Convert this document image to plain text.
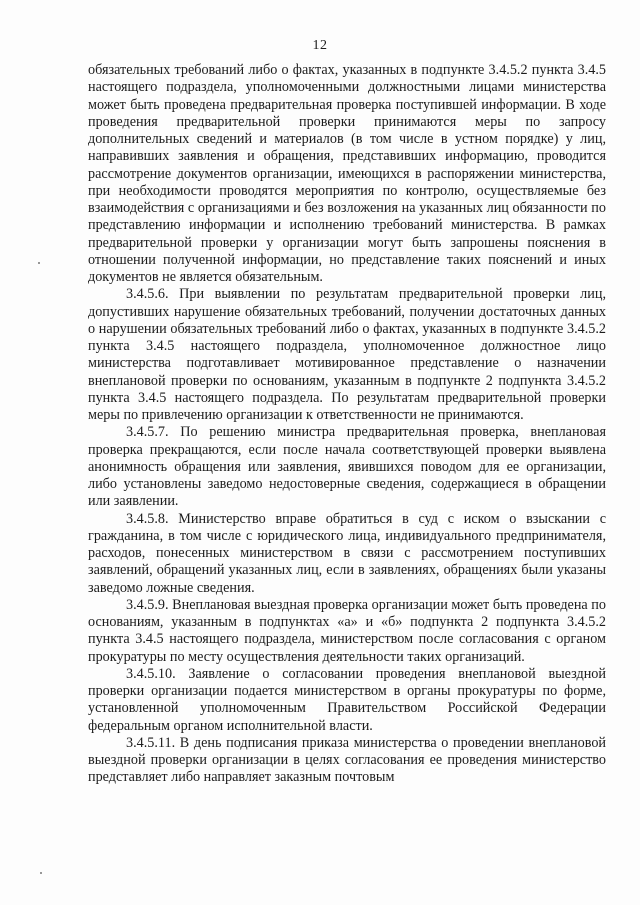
12

обязательных требований либо о фактах, указанных в подпункте 3.4.5.2 пункта 3.4.5 настоящего подраздела, уполномоченными должностными лицами министерства может быть проведена предварительная проверка поступившей информации. В ходе проведения предварительной проверки принимаются меры по запросу дополнительных сведений и материалов (в том числе в устном порядке) у лиц, направивших заявления и обращения, представивших информацию, проводится рассмотрение документов организации, имеющихся в распоряжении министерства, при необходимости проводятся мероприятия по контролю, осуществляемые без взаимодействия с организациями и без возложения на указанных лиц обязанности по представлению информации и исполнению требований министерства. В рамках предварительной проверки у организации могут быть запрошены пояснения в отношении полученной информации, но представление таких пояснений и иных документов не является обязательным.

3.4.5.6. При выявлении по результатам предварительной проверки лиц, допустивших нарушение обязательных требований, получении достаточных данных о нарушении обязательных требований либо о фактах, указанных в подпункте 3.4.5.2 пункта 3.4.5 настоящего подраздела, уполномоченное должностное лицо министерства подготавливает мотивированное представление о назначении внеплановой проверки по основаниям, указанным в подпункте 2 подпункта 3.4.5.2 пункта 3.4.5 настоящего подраздела. По результатам предварительной проверки меры по привлечению организации к ответственности не принимаются.

3.4.5.7. По решению министра предварительная проверка, внеплановая проверка прекращаются, если после начала соответствующей проверки выявлена анонимность обращения или заявления, явившихся поводом для ее организации, либо установлены заведомо недостоверные сведения, содержащиеся в обращении или заявлении.

3.4.5.8. Министерство вправе обратиться в суд с иском о взыскании с гражданина, в том числе с юридического лица, индивидуального предпринимателя, расходов, понесенных министерством в связи с рассмотрением поступивших заявлений, обращений указанных лиц, если в заявлениях, обращениях были указаны заведомо ложные сведения.

3.4.5.9. Внеплановая выездная проверка организации может быть проведена по основаниям, указанным в подпунктах «а» и «б» подпункта 2 подпункта 3.4.5.2 пункта 3.4.5 настоящего подраздела, министерством после согласования с органом прокуратуры по месту осуществления деятельности таких организаций.

3.4.5.10. Заявление о согласовании проведения внеплановой выездной проверки организации подается министерством в органы прокуратуры по форме, установленной уполномоченным Правительством Российской Федерации федеральным органом исполнительной власти.

3.4.5.11. В день подписания приказа министерства о проведении внеплановой выездной проверки организации в целях согласования ее проведения министерство представляет либо направляет заказным почтовым
